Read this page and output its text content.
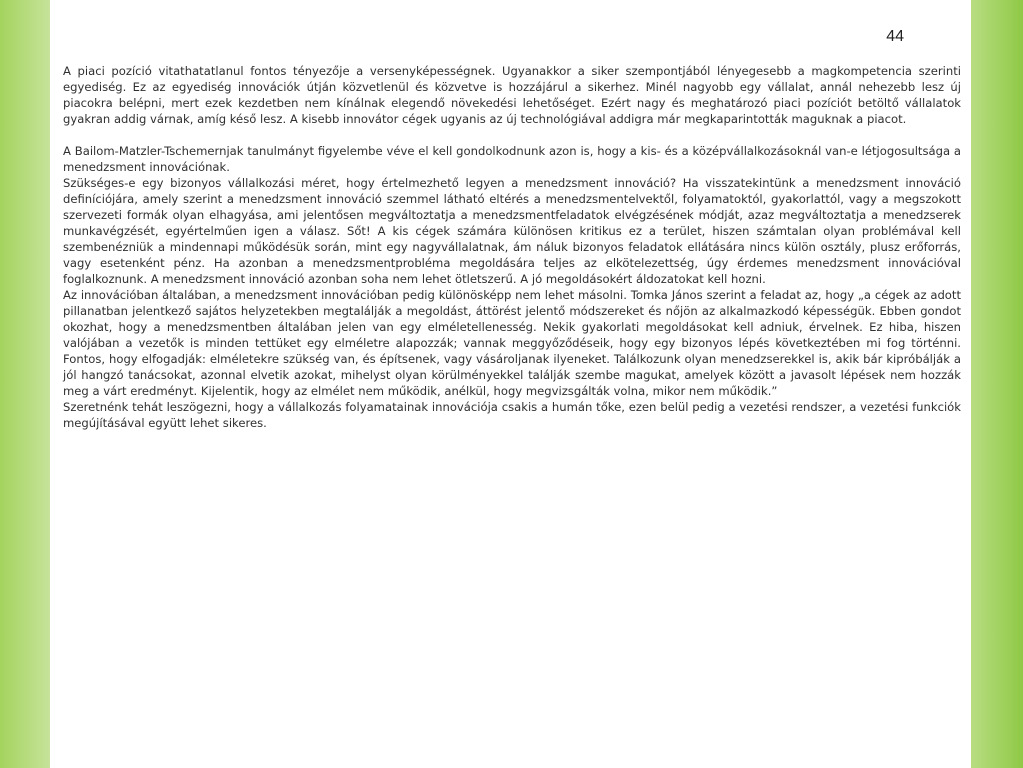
44

A piaci pozíció vitathatatlanul fontos tényezője a versenyképességnek. Ugyanakkor a siker szempontjából lényegesebb a magkompetencia szerinti egyediség. Ez az egyediség innovációk útján közvetlenül és közvetve is hozzájárul a sikerhez. Minél nagyobb egy vállalat, annál nehezebb lesz új piacokra belépni, mert ezek kezdetben nem kínálnak elegendő növekedési lehetőséget. Ezért nagy és meghatározó piaci pozíciót betöltő vállalatok gyakran addig várnak, amíg késő lesz. A kisebb innovátor cégek ugyanis az új technológiával addigra már megkaparintották maguknak a piacot.

A Bailom-Matzler-Tschemernjak tanulmányt figyelembe véve el kell gondolkodnunk azon is, hogy a kis- és a középvállalkozásoknál van-e létjogosultsága a menedzsment innovációnak.

Szükséges-e egy bizonyos vállalkozási méret, hogy értelmezhető legyen a menedzsment innováció? Ha visszatekintünk a menedzsment innováció definíciójára, amely szerint a menedzsment innováció szemmel látható eltérés a menedzsmentelvektől, folyamatoktól, gyakorlattól, vagy a megszokott szervezeti formák olyan elhagyása, ami jelentősen megváltoztatja a menedzsmentfeladatok elvégzésének módját, azaz megváltoztatja a menedzserek munkavégzését, egyértelműen igen a válasz. Sőt! A kis cégek számára különösen kritikus ez a terület, hiszen számtalan olyan problémával kell szembenézniük a mindennapi működésük során, mint egy nagyvállalatnak, ám náluk bizonyos feladatok ellátására nincs külön osztály, plusz erőforrás, vagy esetenként pénz. Ha azonban a menedzsmentprobléma megoldására teljes az elkötelezettség, úgy érdemes menedzsment innovációval foglalkoznunk. A menedzsment innováció azonban soha nem lehet ötletszerű. A jó megoldásokért áldozatokat kell hozni.

Az innovációban általában, a menedzsment innovációban pedig különösképp nem lehet másolni. Tomka János szerint a feladat az, hogy „a cégek az adott pillanatban jelentkező sajátos helyzetekben megtalálják a megoldást, áttörést jelentő módszereket és nőjön az alkalmazkodó képességük. Ebben gondot okozhat, hogy a menedzsmentben általában jelen van egy elméletellenesség. Nekik gyakorlati megoldásokat kell adniuk, érvelnek. Ez hiba, hiszen valójában a vezetők is minden tettüket egy elméletre alapozzák; vannak meggyőződéseik, hogy egy bizonyos lépés következtében mi fog történni. Fontos, hogy elfogadják: elméletekre szükség van, és építsenek, vagy vásároljanak ilyeneket. Találkozunk olyan menedzserekkel is, akik bár kipróbálják a jól hangzó tanácsokat, azonnal elvetik azokat, mihelyst olyan körülményekkel találják szembe magukat, amelyek között a javasolt lépések nem hozzák meg a várt eredményt. Kijelentik, hogy az elmélet nem működik, anélkül, hogy megvizsgálták volna, mikor nem működik.”

Szeretnénk tehát leszögezni, hogy a vállalkozás folyamatainak innovációja csakis a humán tőke, ezen belül pedig a vezetési rendszer, a vezetési funkciók megújításával együtt lehet sikeres.
